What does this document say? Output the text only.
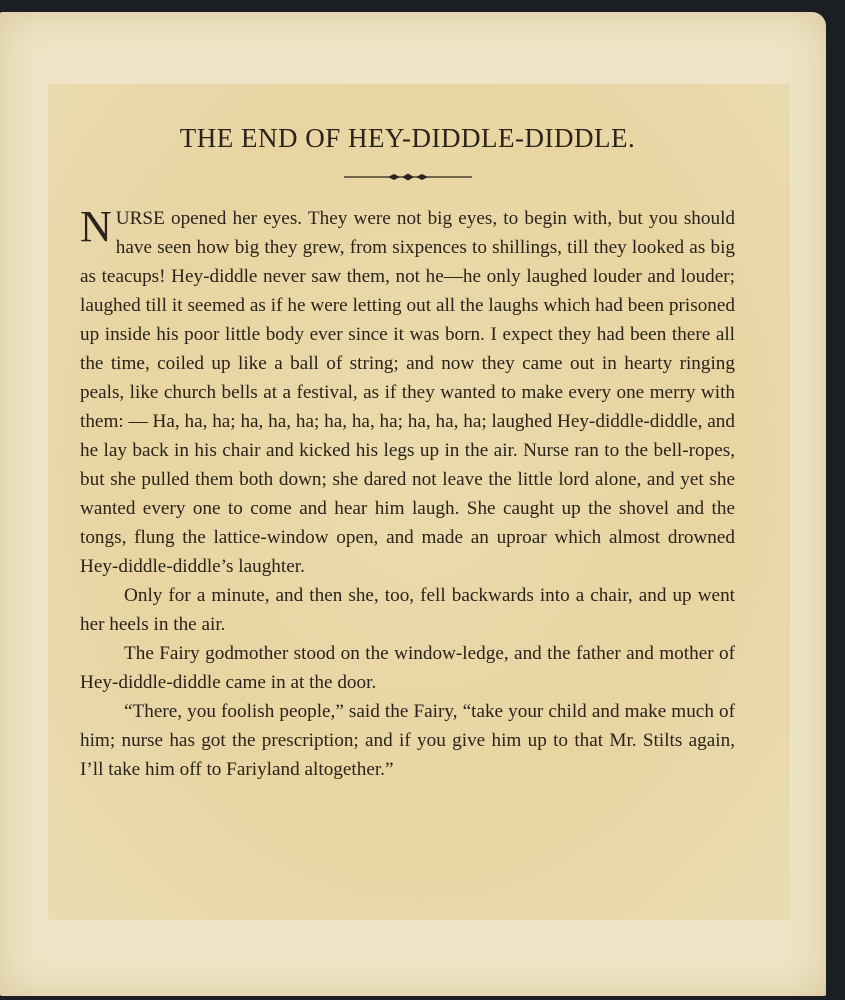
THE END OF HEY-DIDDLE-DIDDLE.

NURSE opened her eyes. They were not big eyes, to begin with, but you should have seen how big they grew, from sixpences to shillings, till they looked as big as teacups! Hey-diddle never saw them, not he—he only laughed louder and louder; laughed till it seemed as if he were letting out all the laughs which had been prisoned up inside his poor little body ever since it was born. I expect they had been there all the time, coiled up like a ball of string; and now they came out in hearty ringing peals, like church bells at a festival, as if they wanted to make every one merry with them: — Ha, ha, ha; ha, ha, ha; ha, ha, ha; ha, ha, ha; laughed Hey-diddle-diddle, and he lay back in his chair and kicked his legs up in the air. Nurse ran to the bell-ropes, but she pulled them both down; she dared not leave the little lord alone, and yet she wanted every one to come and hear him laugh. She caught up the shovel and the tongs, flung the lattice-window open, and made an uproar which almost drowned Hey-diddle-diddle’s laughter.

Only for a minute, and then she, too, fell backwards into a chair, and up went her heels in the air.

The Fairy godmother stood on the window-ledge, and the father and mother of Hey-diddle-diddle came in at the door.

“There, you foolish people,” said the Fairy, “take your child and make much of him; nurse has got the prescription; and if you give him up to that Mr. Stilts again, I’ll take him off to Fariyland altogether.”
